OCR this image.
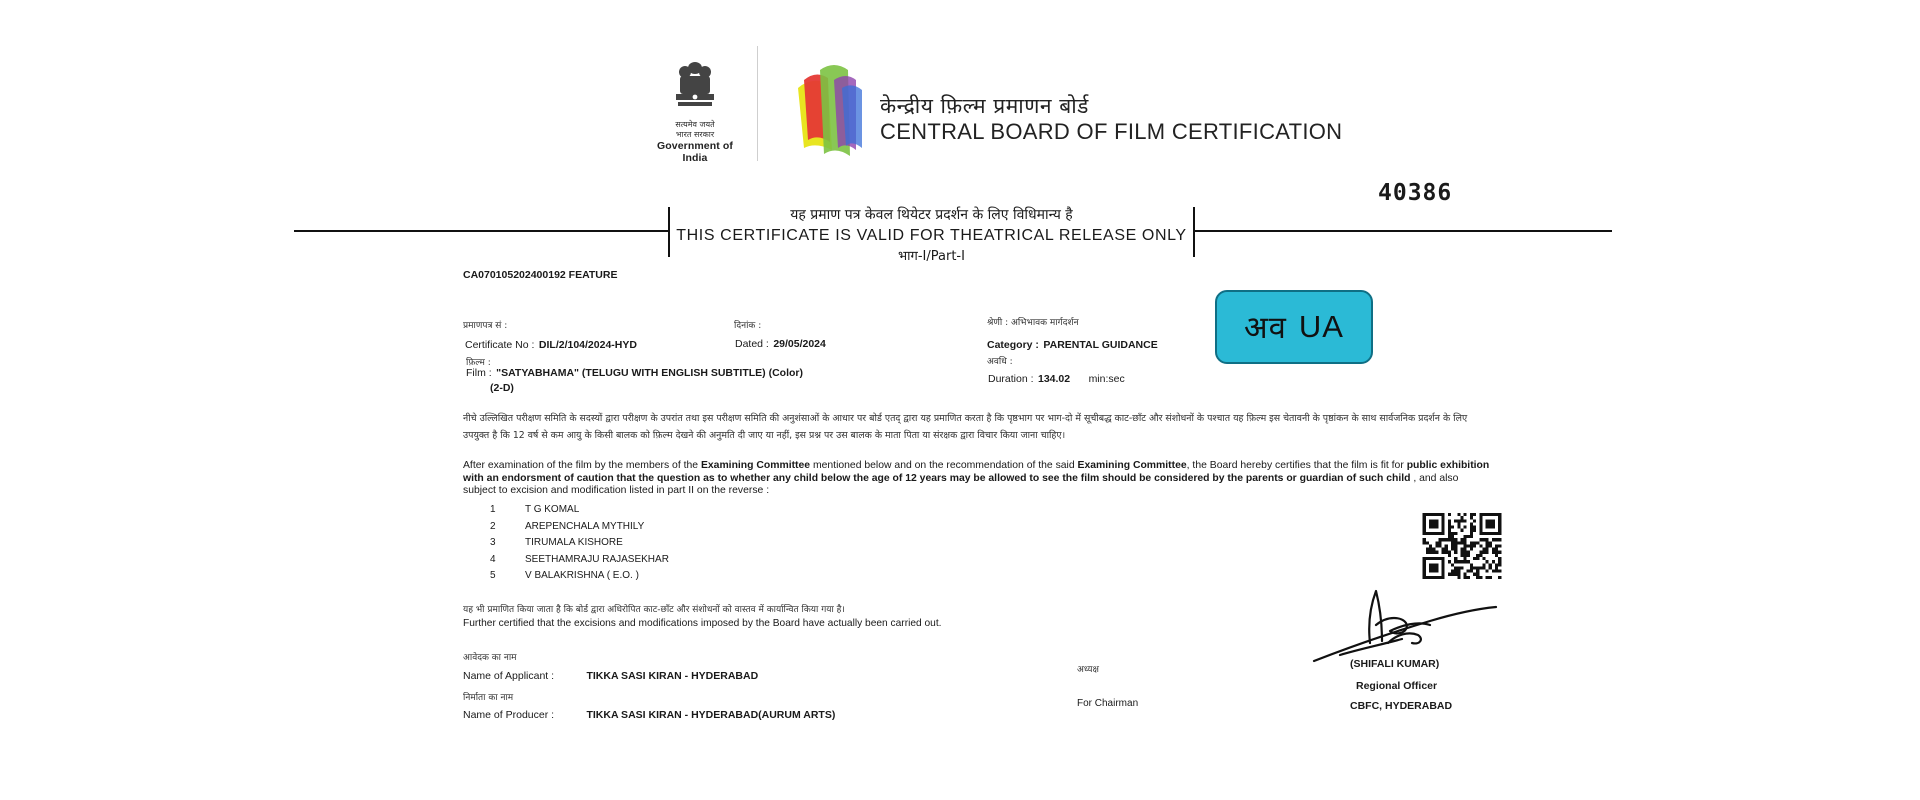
सत्यमेव जयते
भारत सरकार
Government of India
केन्द्रीय फ़िल्म प्रमाणन बोर्ड
CENTRAL BOARD OF FILM CERTIFICATION
40386
यह प्रमाण पत्र केवल थियेटर प्रदर्शन के लिए विधिमान्य है
THIS CERTIFICATE IS VALID FOR THEATRICAL RELEASE ONLY
भाग-I/Part-I
CA070105202400192 FEATURE
प्रमाणपत्र सं :
Certificate No : DIL/2/104/2024-HYD
दिनांक :
Dated : 29/05/2024
श्रेणी : अभिभावक मार्गदर्शन
Category : PARENTAL GUIDANCE
फ़िल्म :
Film : "SATYABHAMA" (TELUGU WITH ENGLISH SUBTITLE) (Color)
(2-D)
अवधि :
Duration : 134.02 min:sec
अव UA
नीचे उल्लिखित परीक्षण समिति के सदस्यों द्वारा परीक्षण के उपरांत तथा इस परीक्षण समिति की अनुशंसाओं के आधार पर बोर्ड एतद् द्वारा यह प्रमाणित करता है कि पृष्ठभाग पर भाग-दो में सूचीबद्ध काट-छाँट और संशोधनों के पश्चात यह फ़िल्म इस चेतावनी के पृष्ठांकन के साथ सार्वजनिक प्रदर्शन के लिए उपयुक्त है कि 12 वर्ष से कम आयु के किसी बालक को फ़िल्म देखने की अनुमति दी जाए या नहीं, इस प्रश्न पर उस बालक के माता पिता या संरक्षक द्वारा विचार किया जाना चाहिए।
After examination of the film by the members of the Examining Committee mentioned below and on the recommendation of the said Examining Committee, the Board hereby certifies that the film is fit for public exhibition with an endorsment of caution that the question as to whether any child below the age of 12 years may be allowed to see the film should be considered by the parents or guardian of such child , and also subject to excision and modification listed in part II on the reverse :
1	T G KOMAL
2	AREPENCHALA MYTHILY
3	TIRUMALA KISHORE
4	SEETHAMRAJU RAJASEKHAR
5	V BALAKRISHNA ( E.O. )
यह भी प्रमाणित किया जाता है कि बोर्ड द्वारा अधिरोपित काट-छाँट और संशोधनों को वास्तव में कार्यान्वित किया गया है।
Further certified that the excisions and modifications imposed by the Board have actually been carried out.
आवेदक का नाम
Name of Applicant :	TIKKA SASI KIRAN - HYDERABAD
निर्माता का नाम
Name of Producer :	TIKKA SASI KIRAN - HYDERABAD(AURUM ARTS)
अध्यक्ष
For Chairman
(SHIFALI KUMAR)
Regional Officer
CBFC, HYDERABAD
